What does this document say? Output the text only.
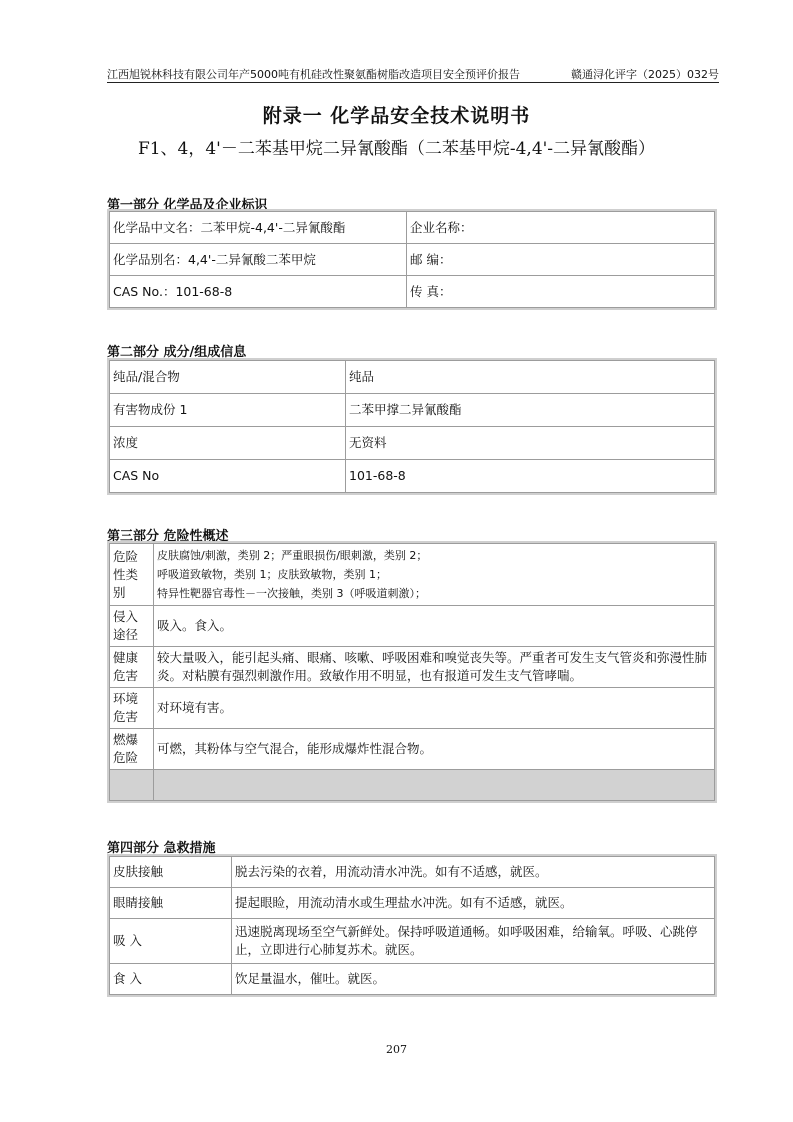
江西旭锐林科技有限公司年产5000吨有机硅改性聚氨酯树脂改造项目安全预评价报告	赣通浔化评字（2025）032号
附录一 化学品安全技术说明书
F1、4，4'－二苯基甲烷二异氰酸酯（二苯基甲烷-4,4'-二异氰酸酯）
第一部分 化学品及企业标识
化学品中文名：二苯甲烷-4,4'-二异氰酸酯	企业名称：
化学品别名：4,4'-二异氰酸二苯甲烷	邮 编：
CAS No.：101-68-8	传 真：
第二部分 成分/组成信息
纯品/混合物	纯品
有害物成份 1	二苯甲撑二异氰酸酯
浓度	无资料
CAS No	101-68-8
第三部分 危险性概述
危险性类别	皮肤腐蚀/刺激，类别 2；严重眼损伤/眼刺激，类别 2；
呼吸道致敏物，类别 1；皮肤致敏物，类别 1；
特异性靶器官毒性－一次接触，类别 3（呼吸道刺激）；

侵入途径	吸入。食入。
健康危害	较大量吸入，能引起头痛、眼痛、咳嗽、呼吸困难和嗅觉丧失等。严重者可发生支气管炎和弥漫性肺炎。对粘膜有强烈刺激作用。致敏作用不明显，也有报道可发生支气管哮喘。
环境危害	对环境有害。
燃爆危险	可燃，其粉体与空气混合，能形成爆炸性混合物。

第四部分 急救措施
皮肤接触	脱去污染的衣着，用流动清水冲洗。如有不适感，就医。
眼睛接触	提起眼睑，用流动清水或生理盐水冲洗。如有不适感，就医。
吸 入	迅速脱离现场至空气新鲜处。保持呼吸道通畅。如呼吸困难，给输氧。呼吸、心跳停止，立即进行心肺复苏术。就医。
食 入	饮足量温水，催吐。就医。
207
